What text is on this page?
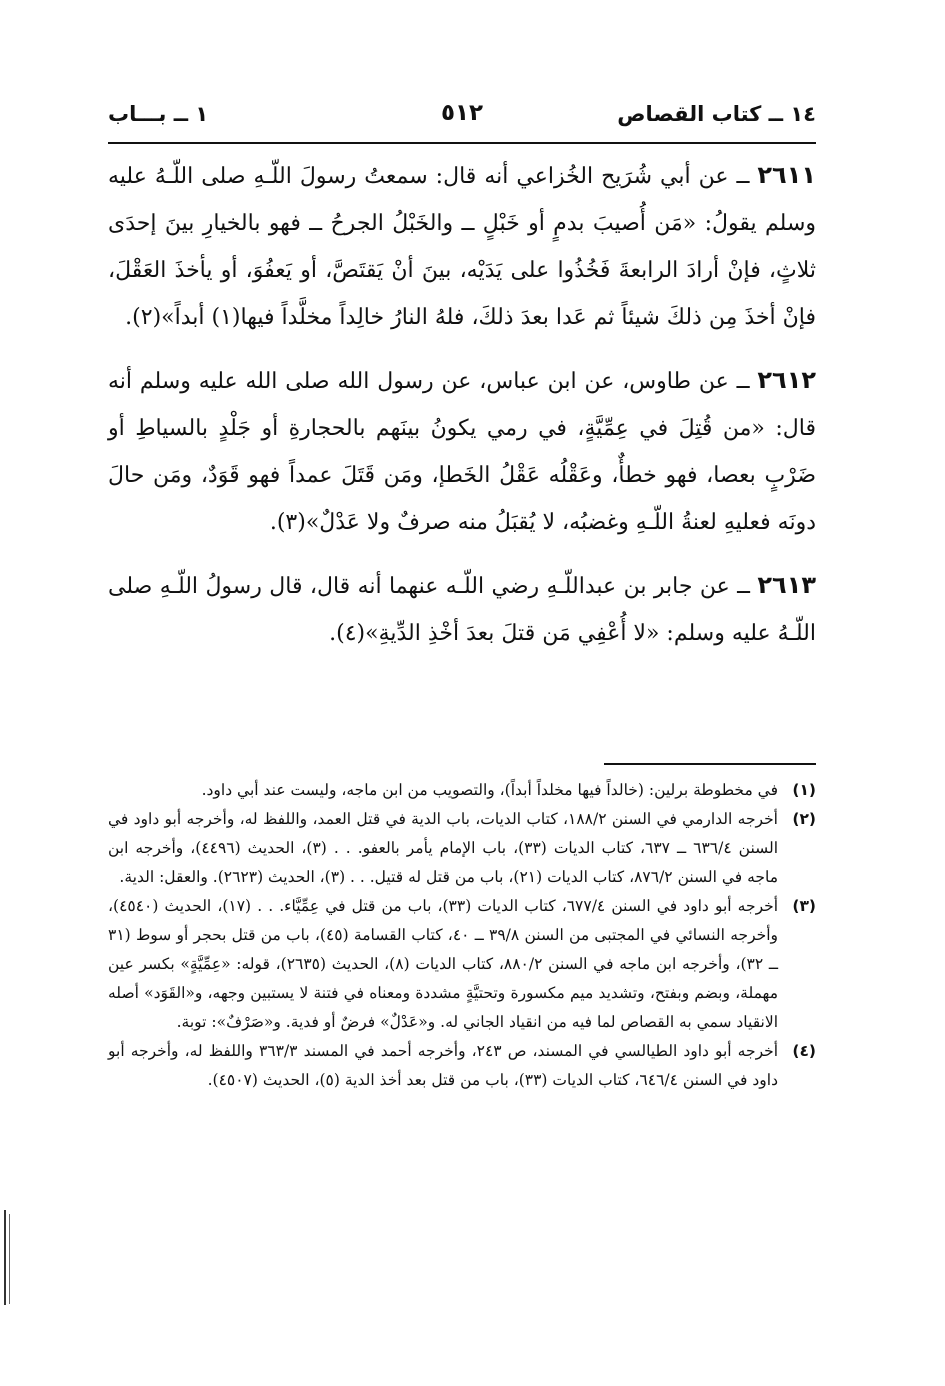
١٤ ــ كتاب القصاص
٥١٢
١ ــ بـــاب

٢٦١١ ــ عن أبي شُرَيح الخُزاعي أنه قال: سمعتُ رسولَ اللّـهِ صلى اللّـهُ عليه وسلم يقولُ: «مَن أُصيبَ بدمٍ أو خَبْلٍ ــ والخَبْلُ الجرحُ ــ فهو بالخيارِ بينَ إحدَى ثلاثٍ، فإنْ أرادَ الرابعةَ فَخُذُوا على يَدَيْه، بينَ أنْ يَقتَصَّ، أو يَعفُوَ، أو يأخذَ العَقْلَ، فإنْ أخذَ مِن ذلكَ شيئاً ثم عَدا بعدَ ذلكَ، فلهُ النارُ خالِداً مخلَّداً فيها(١) أبداً»(٢).

٢٦١٢ ــ عن طاوس، عن ابن عباس، عن رسول الله صلى الله عليه وسلم أنه قال: «من قُتِلَ في عِمِّيَّةٍ، في رمي يكونُ بينَهم بالحجارةِ أو جَلْدٍ بالسياطِ أو ضَرْبٍ بعصا، فهو خطأٌ، وعَقْلُه عَقْلُ الخَطإ، ومَن قَتَلَ عمداً فهو قَوَدٌ، ومَن حالَ دونَه فعليهِ لعنةُ اللّـهِ وغضبُه، لا يُقبَلُ منه صرفٌ ولا عَدْلٌ»(٣).

٢٦١٣ ــ عن جابر بن عبداللّـهِ رضي اللّـه عنهما أنه قال، قال رسولُ اللّـهِ صلى اللّـهُ عليه وسلم: «لا أُعْفِي مَن قتلَ بعدَ أخْذِ الدِّيةِ»(٤).

(١)
في مخطوطة برلين: (خالداً فيها مخلداً أبداً)، والتصويب من ابن ماجه، وليست عند أبي داود.
(٢)
أخرجه الدارمي في السنن ١٨٨/٢، كتاب الديات، باب الدية في قتل العمد، واللفظ له، وأخرجه أبو داود في السنن ٦٣٦/٤ ــ ٦٣٧، كتاب الديات (٣٣)، باب الإمام يأمر بالعفو. . . (٣)، الحديث (٤٤٩٦)، وأخرجه ابن ماجه في السنن ٨٧٦/٢، كتاب الديات (٢١)، باب من قتل له قتيل. . . (٣)، الحديث (٢٦٢٣). والعقل: الدية.
(٣)
أخرجه أبو داود في السنن ٦٧٧/٤، كتاب الديات (٣٣)، باب من قتل في عِمِّيَّاء. . . (١٧)، الحديث (٤٥٤٠)، وأخرجه النسائي في المجتبى من السنن ٣٩/٨ ــ ٤٠، كتاب القسامة (٤٥)، باب من قتل بحجر أو سوط (٣١ ــ ٣٢)، وأخرجه ابن ماجه في السنن ٨٨٠/٢، كتاب الديات (٨)، الحديث (٢٦٣٥)، قوله: «عِمِّيَّةٍ» بكسر عين مهملة، وبضم وبفتح، وتشديد ميم مكسورة وتحتيَّةٍ مشددة ومعناه في فتنة لا يستبين وجهه، و«القَوَد» أصله الانقياد سمي به القصاص لما فيه من انقياد الجاني له. و«عَدْلٌ» فرضٌ أو فدية. و«صَرْفٌ»: توبة.
(٤)
أخرجه أبو داود الطيالسي في المسند، ص ٢٤٣، وأخرجه أحمد في المسند ٣٦٣/٣ واللفظ له، وأخرجه أبو داود في السنن ٦٤٦/٤، كتاب الديات (٣٣)، باب من قتل بعد أخذ الدية (٥)، الحديث (٤٥٠٧).
